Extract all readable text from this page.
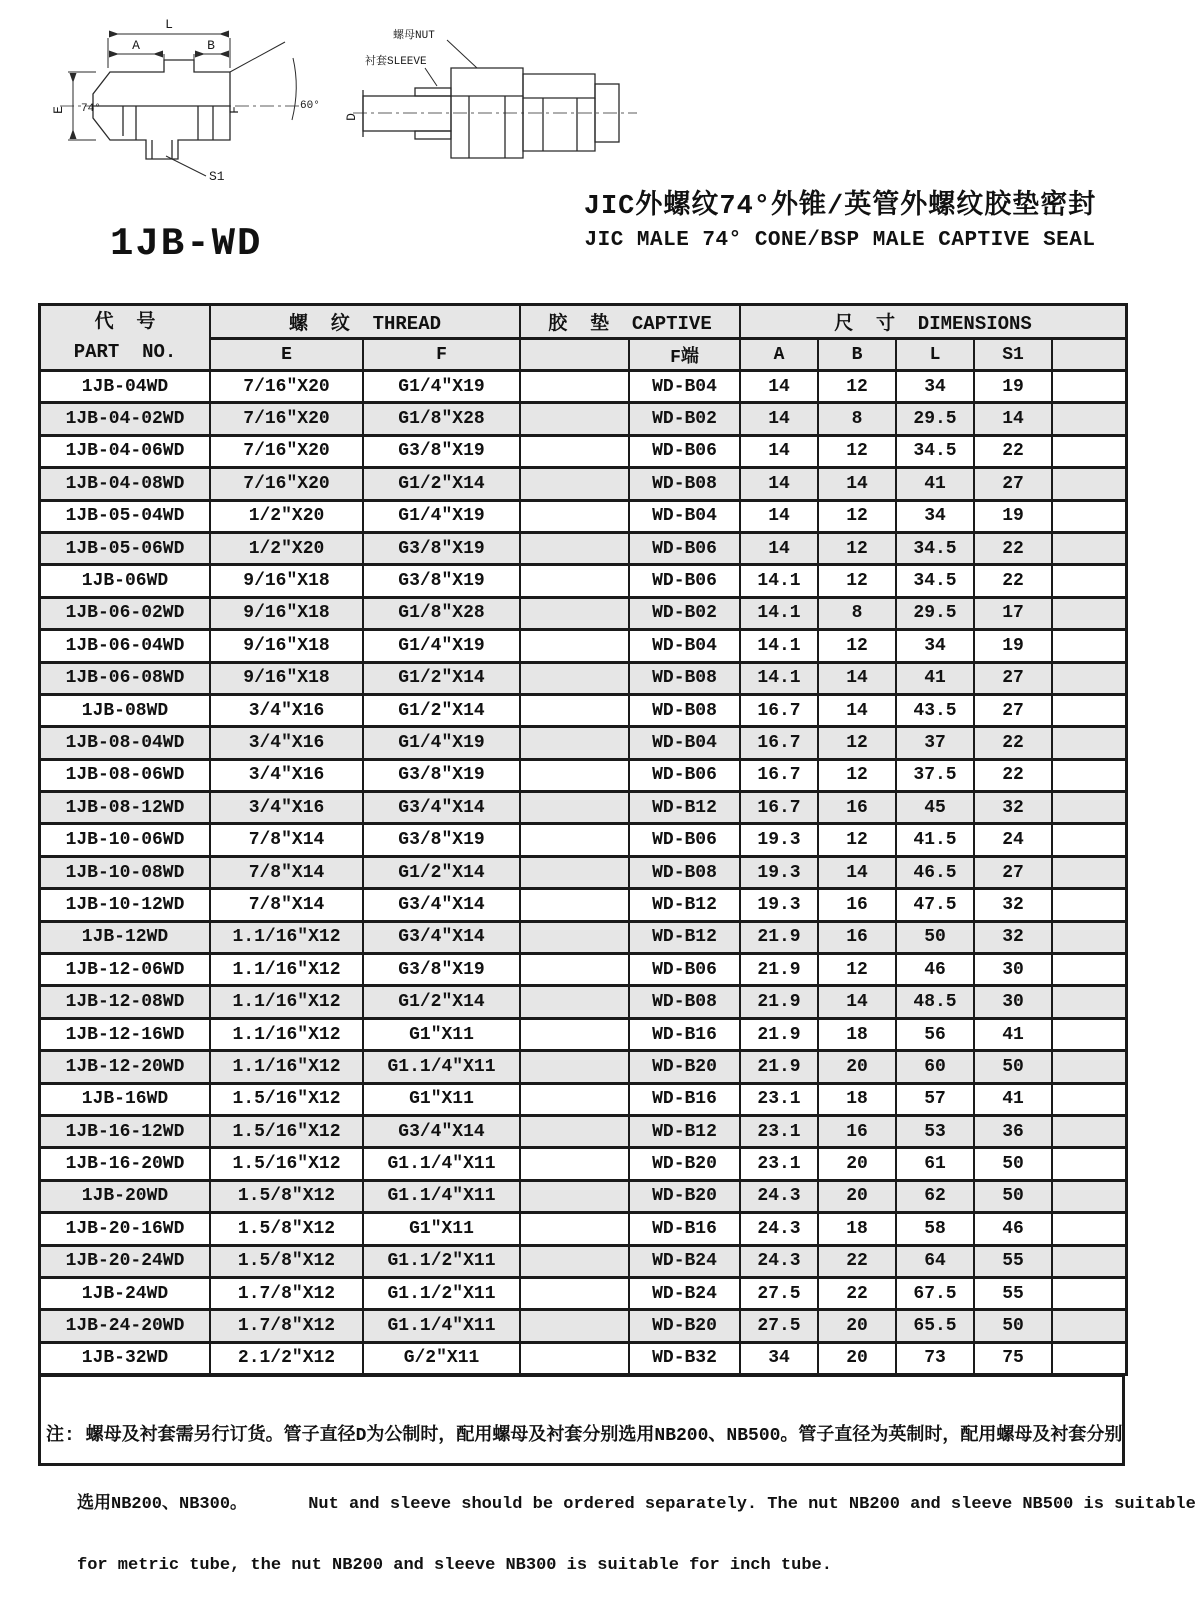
E 74°
L
A	B
F	60°
S1
螺母NUT
衬套SLEEVE
D
1JB-WD
JIC外螺纹74°外锥/英管外螺纹胶垫密封
JIC MALE 74° CONE/BSP MALE CAPTIVE SEAL
代  号
PART  NO.	螺  纹  THREAD		胶  垫  CAPTIVE		尺  寸  DIMENSIONS				
	E	F		F端	A	B	L	S1	
1JB-04WD	7/16″X20	G1/4″X19		WD-B04	14	12	34	19	
1JB-04-02WD	7/16″X20	G1/8″X28		WD-B02	14	8	29.5	14	
1JB-04-06WD	7/16″X20	G3/8″X19		WD-B06	14	12	34.5	22	
1JB-04-08WD	7/16″X20	G1/2″X14		WD-B08	14	14	41	27	
1JB-05-04WD	1/2″X20	G1/4″X19		WD-B04	14	12	34	19	
1JB-05-06WD	1/2″X20	G3/8″X19		WD-B06	14	12	34.5	22	
1JB-06WD	9/16″X18	G3/8″X19		WD-B06	14.1	12	34.5	22	
1JB-06-02WD	9/16″X18	G1/8″X28		WD-B02	14.1	8	29.5	17	
1JB-06-04WD	9/16″X18	G1/4″X19		WD-B04	14.1	12	34	19	
1JB-06-08WD	9/16″X18	G1/2″X14		WD-B08	14.1	14	41	27	
1JB-08WD	3/4″X16	G1/2″X14		WD-B08	16.7	14	43.5	27	
1JB-08-04WD	3/4″X16	G1/4″X19		WD-B04	16.7	12	37	22	
1JB-08-06WD	3/4″X16	G3/8″X19		WD-B06	16.7	12	37.5	22	
1JB-08-12WD	3/4″X16	G3/4″X14		WD-B12	16.7	16	45	32	
1JB-10-06WD	7/8″X14	G3/8″X19		WD-B06	19.3	12	41.5	24	
1JB-10-08WD	7/8″X14	G1/2″X14		WD-B08	19.3	14	46.5	27	
1JB-10-12WD	7/8″X14	G3/4″X14		WD-B12	19.3	16	47.5	32	
1JB-12WD	1.1/16″X12	G3/4″X14		WD-B12	21.9	16	50	32	
1JB-12-06WD	1.1/16″X12	G3/8″X19		WD-B06	21.9	12	46	30	
1JB-12-08WD	1.1/16″X12	G1/2″X14		WD-B08	21.9	14	48.5	30	
1JB-12-16WD	1.1/16″X12	G1″X11		WD-B16	21.9	18	56	41	
1JB-12-20WD	1.1/16″X12	G1.1/4″X11		WD-B20	21.9	20	60	50	
1JB-16WD	1.5/16″X12	G1″X11		WD-B16	23.1	18	57	41	
1JB-16-12WD	1.5/16″X12	G3/4″X14		WD-B12	23.1	16	53	36	
1JB-16-20WD	1.5/16″X12	G1.1/4″X11		WD-B20	23.1	20	61	50	
1JB-20WD	1.5/8″X12	G1.1/4″X11		WD-B20	24.3	20	62	50	
1JB-20-16WD	1.5/8″X12	G1″X11		WD-B16	24.3	18	58	46	
1JB-20-24WD	1.5/8″X12	G1.1/2″X11		WD-B24	24.3	22	64	55	
1JB-24WD	1.7/8″X12	G1.1/2″X11		WD-B24	27.5	22	67.5	55	
1JB-24-20WD	1.7/8″X12	G1.1/4″X11		WD-B20	27.5	20	65.5	50	
1JB-32WD	2.1/2″X12	G/2″X11		WD-B32	34	20	73	75	

注: 螺母及衬套需另行订货。管子直径D为公制时，配用螺母及衬套分别选用NB200、NB500。管子直径为英制时，配用螺母及衬套分别

选用NB200、NB300。      Nut and sleeve should be ordered separately. The nut NB200 and sleeve NB500 is suitable

for metric tube, the nut NB200 and sleeve NB300 is suitable for inch tube.
